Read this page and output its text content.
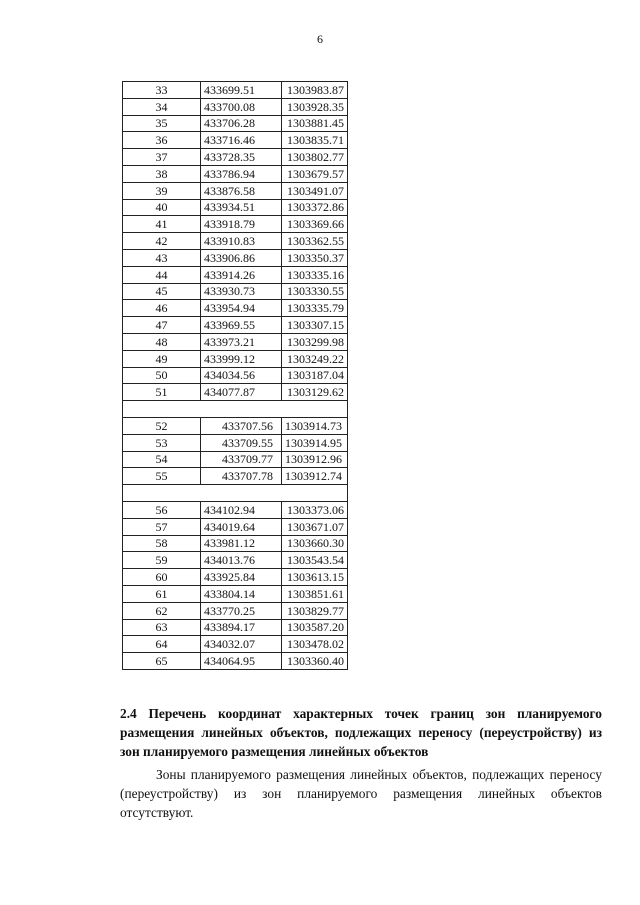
6
33	433699.51	1303983.87
34	433700.08	1303928.35
35	433706.28	1303881.45
36	433716.46	1303835.71
37	433728.35	1303802.77
38	433786.94	1303679.57
39	433876.58	1303491.07
40	433934.51	1303372.86
41	433918.79	1303369.66
42	433910.83	1303362.55
43	433906.86	1303350.37
44	433914.26	1303335.16
45	433930.73	1303330.55
46	433954.94	1303335.79
47	433969.55	1303307.15
48	433973.21	1303299.98
49	433999.12	1303249.22
50	434034.56	1303187.04
51	434077.87	1303129.62

52	433707.56	1303914.73
53	433709.55	1303914.95
54	433709.77	1303912.96
55	433707.78	1303912.74

56	434102.94	1303373.06
57	434019.64	1303671.07
58	433981.12	1303660.30
59	434013.76	1303543.54
60	433925.84	1303613.15
61	433804.14	1303851.61
62	433770.25	1303829.77
63	433894.17	1303587.20
64	434032.07	1303478.02
65	434064.95	1303360.40

2.4 Перечень координат характерных точек границ зон планируемого размещения линейных объектов, подлежащих переносу (переустройству) из зон планируемого размещения линейных объектов

Зоны планируемого размещения линейных объектов, подлежащих переносу (переустройству) из зон планируемого размещения линейных объектов отсутствуют.
